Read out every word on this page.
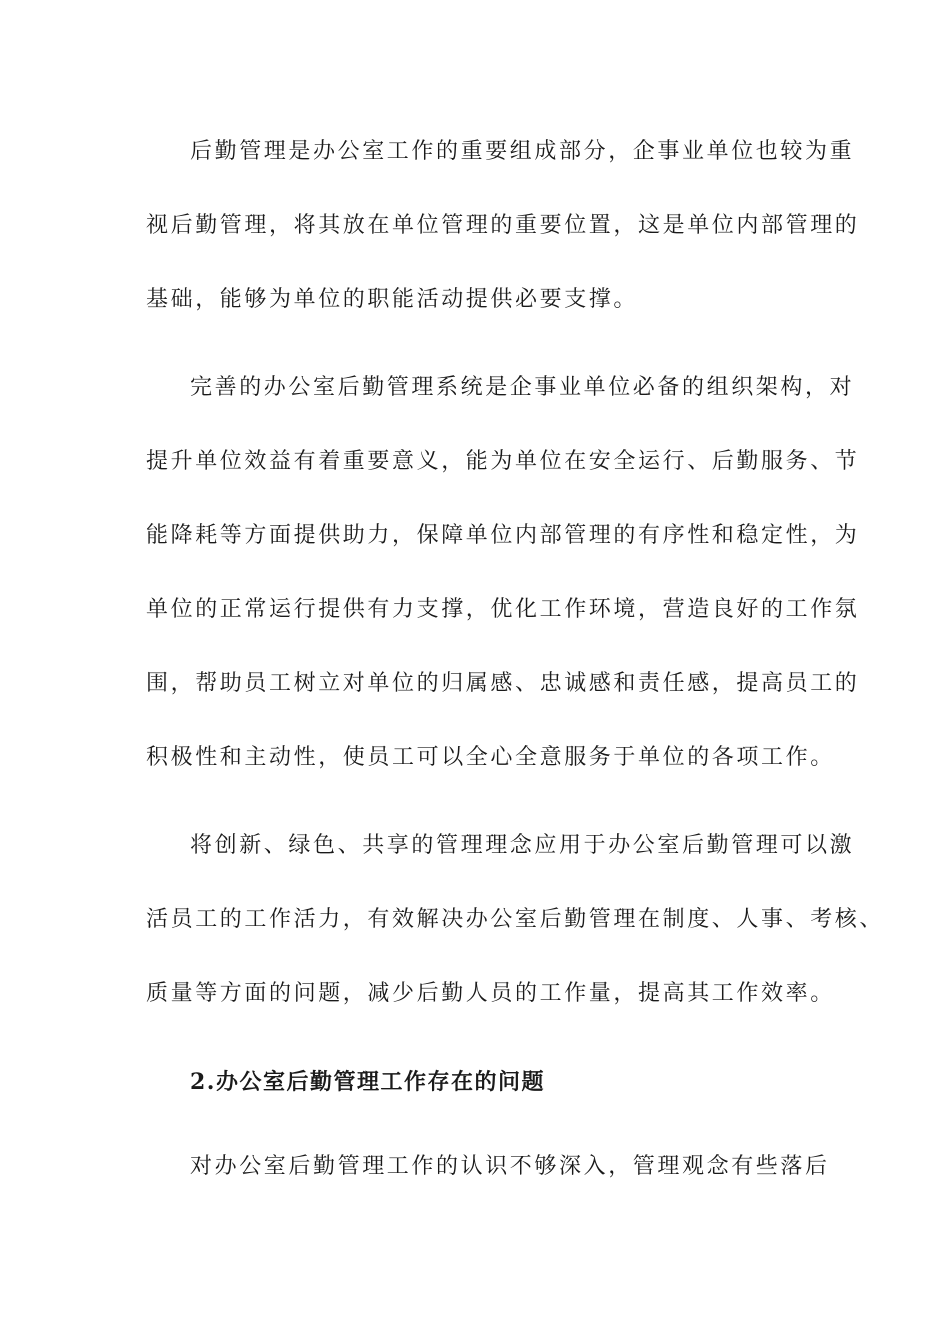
后勤管理是办公室工作的重要组成部分，企事业单位也较为重
视后勤管理，将其放在单位管理的重要位置，这是单位内部管理的
基础，能够为单位的职能活动提供必要支撑。
完善的办公室后勤管理系统是企事业单位必备的组织架构，对
提升单位效益有着重要意义，能为单位在安全运行、后勤服务、节
能降耗等方面提供助力，保障单位内部管理的有序性和稳定性，为
单位的正常运行提供有力支撑，优化工作环境，营造良好的工作氛
围，帮助员工树立对单位的归属感、忠诚感和责任感，提高员工的
积极性和主动性，使员工可以全心全意服务于单位的各项工作。
将创新、绿色、共享的管理理念应用于办公室后勤管理可以激
活员工的工作活力，有效解决办公室后勤管理在制度、人事、考核、
质量等方面的问题，减少后勤人员的工作量，提高其工作效率。
2.办公室后勤管理工作存在的问题
对办公室后勤管理工作的认识不够深入，管理观念有些落后
